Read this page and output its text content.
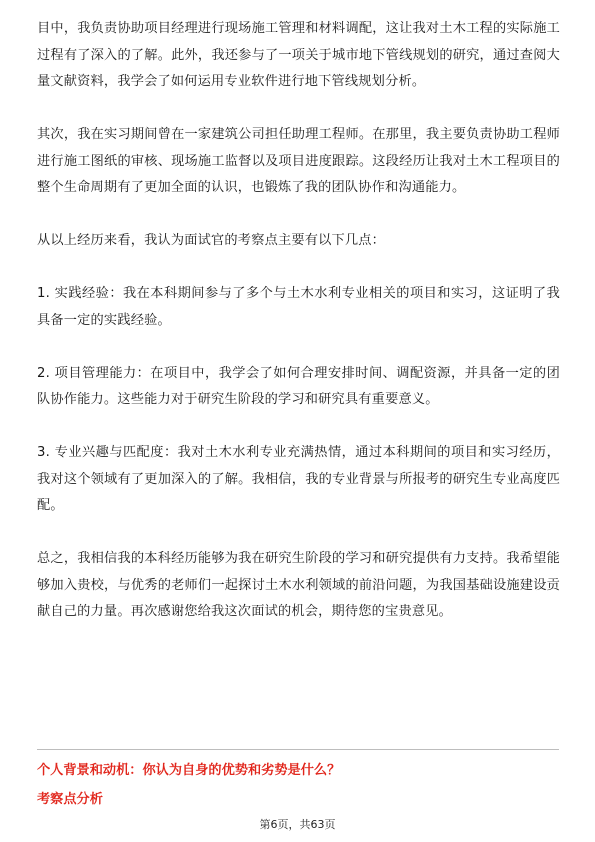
目中，我负责协助项目经理进行现场施工管理和材料调配，这让我对土木工程的实际施工过程有了深入的了解。此外，我还参与了一项关于城市地下管线规划的研究，通过查阅大量文献资料，我学会了如何运用专业软件进行地下管线规划分析。

其次，我在实习期间曾在一家建筑公司担任助理工程师。在那里，我主要负责协助工程师进行施工图纸的审核、现场施工监督以及项目进度跟踪。这段经历让我对土木工程项目的整个生命周期有了更加全面的认识，也锻炼了我的团队协作和沟通能力。

从以上经历来看，我认为面试官的考察点主要有以下几点：

1. 实践经验：我在本科期间参与了多个与土木水利专业相关的项目和实习，这证明了我具备一定的实践经验。

2. 项目管理能力：在项目中，我学会了如何合理安排时间、调配资源，并具备一定的团队协作能力。这些能力对于研究生阶段的学习和研究具有重要意义。

3. 专业兴趣与匹配度：我对土木水利专业充满热情，通过本科期间的项目和实习经历，我对这个领域有了更加深入的了解。我相信，我的专业背景与所报考的研究生专业高度匹配。

总之，我相信我的本科经历能够为我在研究生阶段的学习和研究提供有力支持。我希望能够加入贵校，与优秀的老师们一起探讨土木水利领域的前沿问题，为我国基础设施建设贡献自己的力量。再次感谢您给我这次面试的机会，期待您的宝贵意见。

个人背景和动机：你认为自身的优势和劣势是什么？

考察点分析

第6页，共63页
